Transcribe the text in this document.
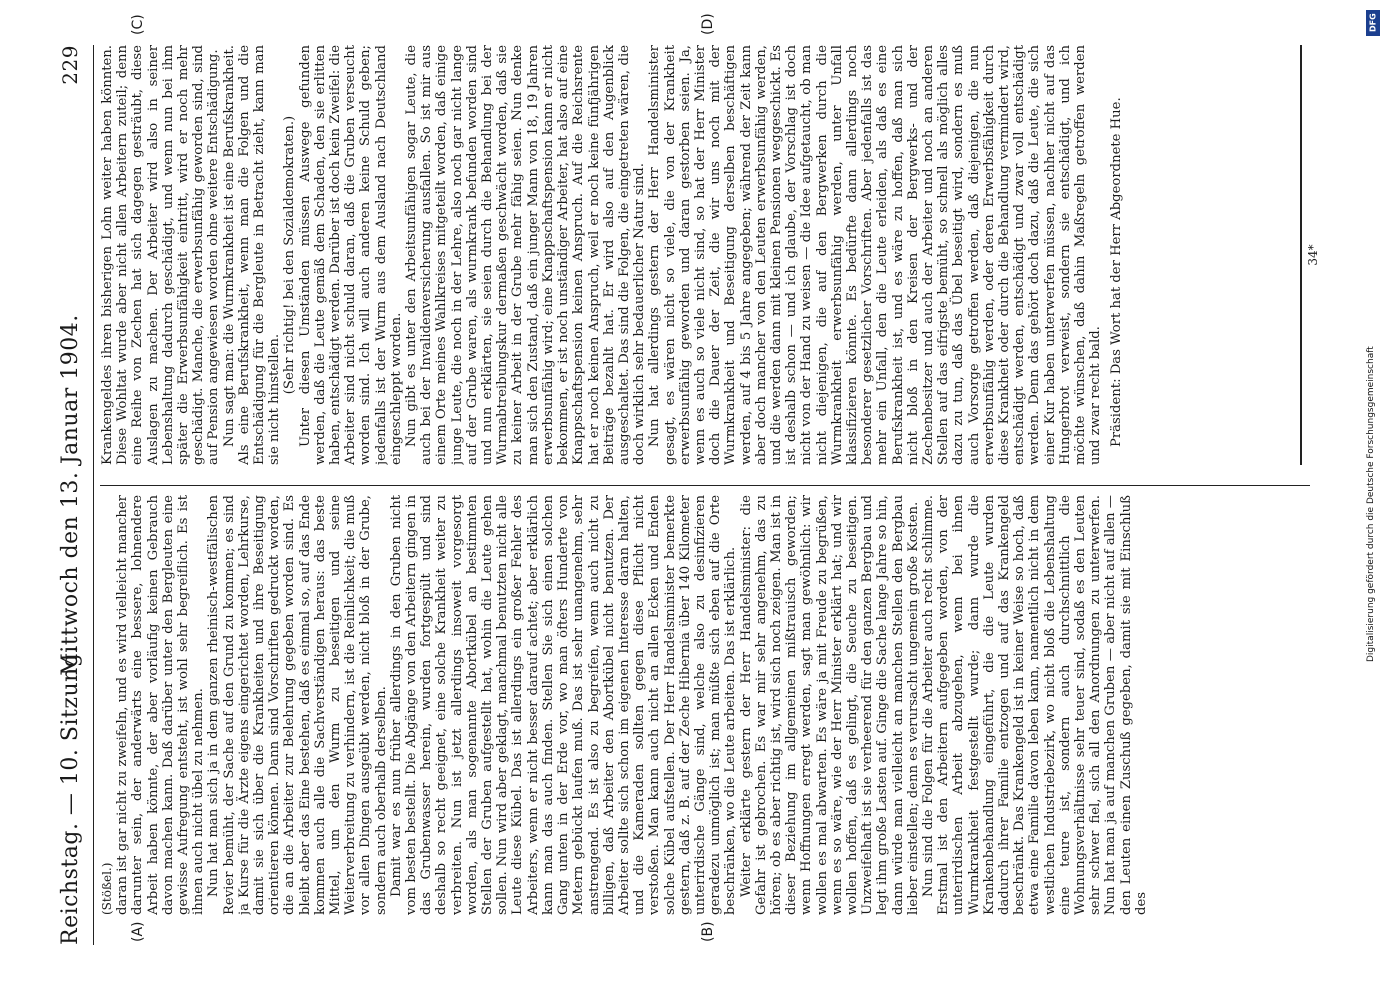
Reichstag. — 10. Sitzung.
Mittwoch den 13. Januar 1904.
229
(A)	(B)
(C)	(D)

(Stößel.) daran ist gar nicht zu zweifeln, und es wird vielleicht mancher darunter sein, der anderwärts eine bessere, lohnendere Arbeit haben könnte, der aber vorläufig keinen Gebrauch davon machen kann. Daß darüber unter den Bergleuten eine gewisse Aufregung entsteht, ist wohl sehr begreiflich. Es ist ihnen auch nicht übel zu nehmen. Nun hat man sich ja in dem ganzen rheinisch-westfälischen Revier bemüht, der Sache auf den Grund zu kommen; es sind ja Kurse für die Ärzte eigens eingerichtet worden, Lehrkurse, damit sie sich über die Krankheiten und ihre Beseitigung orientieren können. Dann sind Vorschriften gedruckt worden, die an die Arbeiter zur Belehrung gegeben worden sind. Es bleibt aber das Eine bestehen, daß es einmal so, auf das Ende kommen auch alle die Sachverständigen heraus: das beste Mittel, um den Wurm zu beseitigen und seine Weiterverbreitung zu verhindern, ist die Reinlichkeit; die muß vor allen Dingen ausgeübt werden, nicht bloß in der Grube, sondern auch oberhalb derselben. Damit war es nun früher allerdings in den Gruben nicht vom besten bestellt. Die Abgänge von den Arbeitern gingen in das Grubenwasser herein, wurden fortgespült und sind deshalb so recht geeignet, eine solche Krankheit weiter zu verbreiten. Nun ist jetzt allerdings insoweit vorgesorgt worden, als man sogenannte Abortkübel an bestimmten Stellen der Gruben aufgestellt hat, wohin die Leute gehen sollen. Nun wird aber geklagt, manchmal benutzten nicht alle Leute diese Kübel. Das ist allerdings ein großer Fehler des Arbeiters, wenn er nicht besser darauf achtet; aber erklärlich kann man das auch finden. Stellen Sie sich einen solchen Gang unten in der Erde vor, wo man öfters Hunderte von Metern gebückt laufen muß. Das ist sehr unangenehm, sehr anstrengend. Es ist also zu begreifen, wenn auch nicht zu billigen, daß Arbeiter den Abortkübel nicht benutzen. Der Arbeiter sollte sich schon im eigenen Interesse daran halten, und die Kameraden sollten gegen diese Pflicht nicht verstoßen. Man kann auch nicht an allen Ecken und Enden solche Kübel aufstellen. Der Herr Handelsminister bemerkte gestern, daß z. B. auf der Zeche Hibernia über 140 Kilometer unterirdische Gänge sind, welche also zu desinfizieren geradezu unmöglich ist; man müßte sich eben auf die Orte beschränken, wo die Leute arbeiten. Das ist erklärlich. Weiter erklärte gestern der Herr Handelsminister: die Gefahr ist gebrochen. Es war mir sehr angenehm, das zu hören; ob es aber richtig ist, wird sich noch zeigen. Man ist in dieser Beziehung im allgemeinen mißtrauisch geworden; wenn Hoffnungen erregt werden, sagt man gewöhnlich: wir wollen es mal abwarten. Es wäre ja mit Freude zu begrüßen, wenn es so wäre, wie der Herr Minister erklärt hat; und wir wollen hoffen, daß es gelingt, die Seuche zu beseitigen. Unzweifelhaft ist sie verheerend für den ganzen Bergbau und legt ihm große Lasten auf. Ginge die Sache lange Jahre so hin, dann würde man vielleicht an manchen Stellen den Bergbau lieber einstellen; denn es verursacht ungemein große Kosten. Nun sind die Folgen für die Arbeiter auch recht schlimme. Erstmal ist den Arbeitern aufgegeben worden, von der unterirdischen Arbeit abzugehen, wenn bei ihnen Wurmkrankheit festgestellt wurde; dann wurde die Krankenbehandlung eingeführt, die die Leute wurden dadurch ihrer Familie entzogen und auf das Krankengeld beschränkt. Das Krankengeld ist in keiner Weise so hoch, daß etwa eine Familie davon leben kann, namentlich nicht in dem westlichen Industriebezirk, wo nicht bloß die Lebenshaltung eine teure ist, sondern auch durchschnittlich die Wohnungsverhältnisse sehr teuer sind, sodaß es den Leuten sehr schwer fiel, sich all den Anordnungen zu unterwerfen. Nun hat man ja auf manchen Gruben — aber nicht auf allen — den Leuten einen Zuschuß gegeben, damit sie mit Einschluß des

Krankengeldes ihren bisherigen Lohn weiter haben könnten. Diese Wohltat wurde aber nicht allen Arbeitern zuteil; denn eine Reihe von Zechen hat sich dagegen gesträubt, diese Auslagen zu machen. Der Arbeiter wird also in seiner Lebenshaltung dadurch geschädigt, und wenn nun bei ihm später die Erwerbsunfähigkeit eintritt, wird er noch mehr geschädigt. Manche, die erwerbsunfähig geworden sind, sind auf Pension angewiesen worden ohne weitere Entschädigung. Nun sagt man: die Wurmkrankheit ist eine Berufskrankheit. Als eine Berufskrankheit, wenn man die Folgen und die Entschädigung für die Bergleute in Betracht zieht, kann man sie nicht hinstellen.

(Sehr richtig! bei den Sozialdemokraten.) Unter diesen Umständen müssen Auswege gefunden werden, daß die Leute gemäß dem Schaden, den sie erlitten haben, entschädigt werden. Darüber ist doch kein Zweifel: die Arbeiter sind nicht schuld daran, daß die Gruben verseucht worden sind. Ich will auch anderen keine Schuld geben; jedenfalls ist der Wurm aus dem Ausland nach Deutschland eingeschleppt worden. Nun gibt es unter den Arbeitsunfähigen sogar Leute, die auch bei der Invalidenversicherung ausfallen. So ist mir aus einem Orte meines Wahlkreises mitgeteilt worden, daß einige junge Leute, die noch in der Lehre, also noch gar nicht lange auf der Grube waren, als wurmkrank befunden worden sind und nun erklärten, sie seien durch die Behandlung bei der Wurmabtreibungskur dermaßen geschwächt worden, daß sie zu keiner Arbeit in der Grube mehr fähig seien. Nun denke man sich den Zustand, daß ein junger Mann von 18, 19 Jahren erwerbsunfähig wird; eine Knappschaftspension kann er nicht bekommen, er ist noch unständiger Arbeiter, hat also auf eine Knappschaftspension keinen Anspruch. Auf die Reichsrente hat er noch keinen Anspruch, weil er noch keine fünfjährigen Beiträge bezahlt hat. Er wird also auf den Augenblick ausgeschaltet. Das sind die Folgen, die eingetreten wären, die doch wirklich sehr bedauerlicher Natur sind. Nun hat allerdings gestern der Herr Handelsminister gesagt, es wären nicht so viele, die von der Krankheit erwerbsunfähig geworden und daran gestorben seien. Ja, wenn es auch so viele nicht sind, so hat der Herr Minister doch die Dauer der Zeit, die wir uns noch mit der Wurmkrankheit und Beseitigung derselben beschäftigen werden, auf 4 bis 5 Jahre angegeben; während der Zeit kann aber doch mancher von den Leuten erwerbsunfähig werden, und die werden dann mit kleinen Pensionen weggeschickt. Es ist deshalb schon — und ich glaube, der Vorschlag ist doch nicht von der Hand zu weisen — die Idee aufgetaucht, ob man nicht diejenigen, die auf den Bergwerken durch die Wurmkrankheit erwerbsunfähig werden, unter Unfall klassifizieren könnte. Es bedürfte dann allerdings noch besonderer gesetzlicher Vorschriften. Aber jedenfalls ist das mehr ein Unfall, den die Leute erleiden, als daß es eine Berufskrankheit ist, und es wäre zu hoffen, daß man sich nicht bloß in den Kreisen der Bergwerks- und der Zechenbesitzer und auch der Arbeiter und noch an anderen Stellen auf das eifrigste bemüht, so schnell als möglich alles dazu zu tun, daß das Übel beseitigt wird, sondern es muß auch Vorsorge getroffen werden, daß diejenigen, die nun erwerbsunfähig werden, oder deren Erwerbsfähigkeit durch diese Krankheit oder durch die Behandlung vermindert wird, entschädigt werden, entschädigt und zwar voll entschädigt werden. Denn das gehört doch dazu, daß die Leute, die sich einer Kur haben unterwerfen müssen, nachher nicht auf das Hungerbrot verweist, sondern sie entschädigt, und ich möchte wünschen, daß dahin Maßregeln getroffen werden und zwar recht bald. Präsident: Das Wort hat der Herr Abgeordnete Hue.	34*
DFG
Digitalisierung gefördert durch die Deutsche Forschungsgemeinschaft
